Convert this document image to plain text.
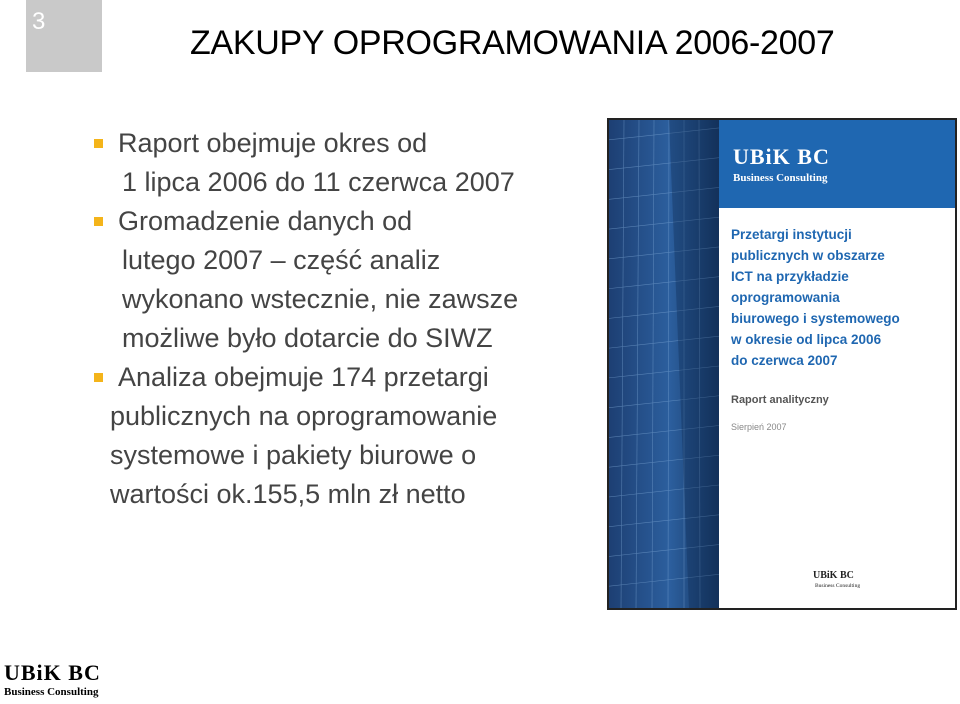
3
ZAKUPY OPROGRAMOWANIA 2006-2007
Raport obejmuje okres od
1 lipca 2006 do 11 czerwca 2007
Gromadzenie danych od
lutego 2007 – część analiz
wykonano wstecznie, nie zawsze
możliwe było dotarcie do SIWZ
Analiza obejmuje 174 przetargi
publicznych na oprogramowanie
systemowe i pakiety biurowe o
wartości ok.155,5 mln zł netto
UBiK BC
Business Consulting
Przetargi instytucji
publicznych w obszarze
ICT na przykładzie
oprogramowania
biurowego i systemowego
w okresie od lipca 2006
do czerwca 2007
Raport analityczny
Sierpień 2007
UBiK BC
Business Consulting
UBiK BC
Business Consulting
